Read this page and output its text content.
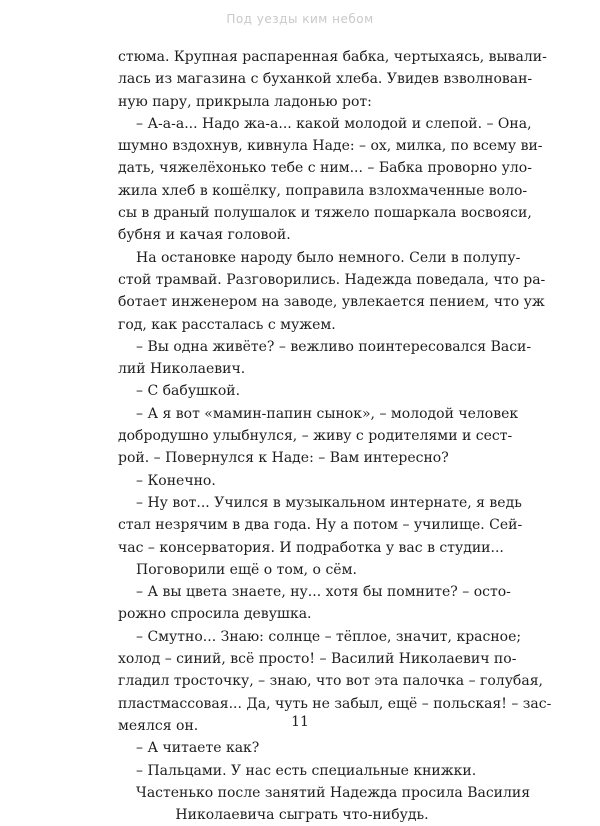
Под уезды ким небом
стюма. Крупная распаренная бабка, чертыхаясь, вывали-
лась из магазина с буханкой хлеба. Увидев взволнован-
ную пару, прикрыла ладонью рот:
– А-а-а... Надо жа-а... какой молодой и слепой. – Она,
шумно вздохнув, кивнула Наде: – ох, милка, по всему ви-
дать, чяжелёхонько тебе с ним... – Бабка проворно уло-
жила хлеб в кошёлку, поправила взлохмаченные воло-
сы в драный полушалок и тяжело пошаркала восвояси,
бубня и качая головой.
На остановке народу было немного. Сели в полупу-
стой трамвай. Разговорились. Надежда поведала, что ра-
ботает инженером на заводе, увлекается пением, что уж
год, как рассталась с мужем.
– Вы одна живёте? – вежливо поинтересовался Васи-
лий Николаевич.
– С бабушкой.
– А я вот «мамин-папин сынок», – молодой человек
добродушно улыбнулся, – живу с родителями и сест-
рой. – Повернулся к Наде: – Вам интересно?
– Конечно.
– Ну вот... Учился в музыкальном интернате, я ведь
стал незрячим в два года. Ну а потом – училище. Сей-
час – консерватория. И подработка у вас в студии...
Поговорили ещё о том, о сём.
– А вы цвета знаете, ну... хотя бы помните? – осто-
рожно спросила девушка.
– Смутно... Знаю: солнце – тёплое, значит, красное;
холод – синий, всё просто! – Василий Николаевич по-
гладил тросточку, – знаю, что вот эта палочка – голубая,
пластмассовая... Да, чуть не забыл, ещё – польская! – зас-
меялся он.
– А читаете как?
– Пальцами. У нас есть специальные книжки.
Частенько после занятий Надежда просила Василия
Николаевича сыграть что-нибудь.
11
